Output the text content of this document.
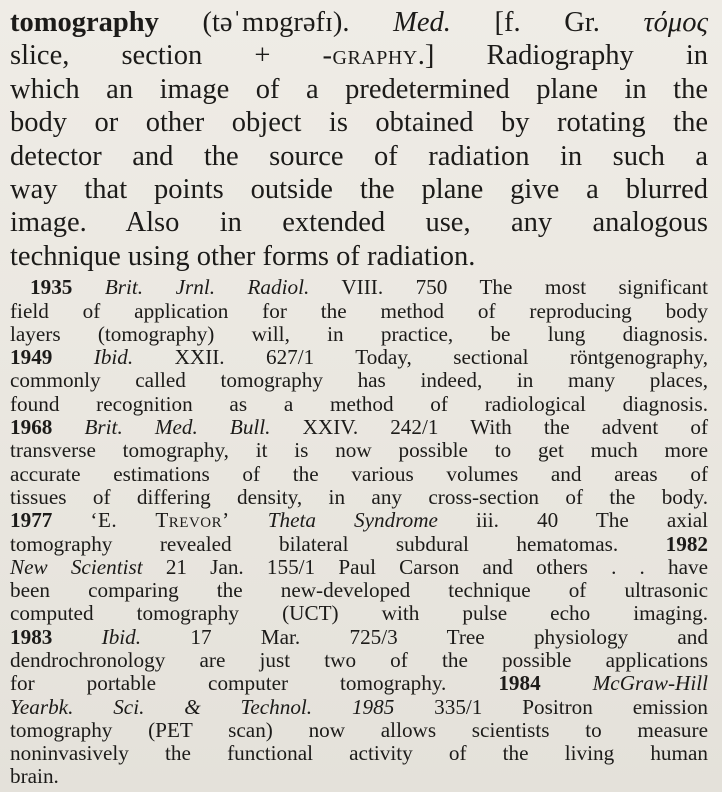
tomography (təˈmɒgrəfɪ). Med. [f. Gr. τόμος
slice, section + -graphy.] Radiography in
which an image of a predetermined plane in the
body or other object is obtained by rotating the
detector and the source of radiation in such a
way that points outside the plane give a blurred
image. Also in extended use, any analogous
technique using other forms of radiation.

1935 Brit. Jrnl. Radiol. VIII. 750 The most significant
field of application for the method of reproducing body
layers (tomography) will, in practice, be lung diagnosis.
1949 Ibid. XXII. 627/1 Today, sectional röntgenography,
commonly called tomography has indeed, in many places,
found recognition as a method of radiological diagnosis.
1968 Brit. Med. Bull. XXIV. 242/1 With the advent of
transverse tomography, it is now possible to get much more
accurate estimations of the various volumes and areas of
tissues of differing density, in any cross-section of the body.
1977 ‘E. Trevor’ Theta Syndrome iii. 40 The axial
tomography revealed bilateral subdural hematomas. 1982
New Scientist 21 Jan. 155/1 Paul Carson and others . . have
been comparing the new-developed technique of ultrasonic
computed tomography (UCT) with pulse echo imaging.
1983 Ibid. 17 Mar. 725/3 Tree physiology and
dendrochronology are just two of the possible applications
for portable computer tomography. 1984 McGraw-Hill
Yearbk. Sci. & Technol. 1985 335/1 Positron emission
tomography (PET scan) now allows scientists to measure
noninvasively the functional activity of the living human
brain.
